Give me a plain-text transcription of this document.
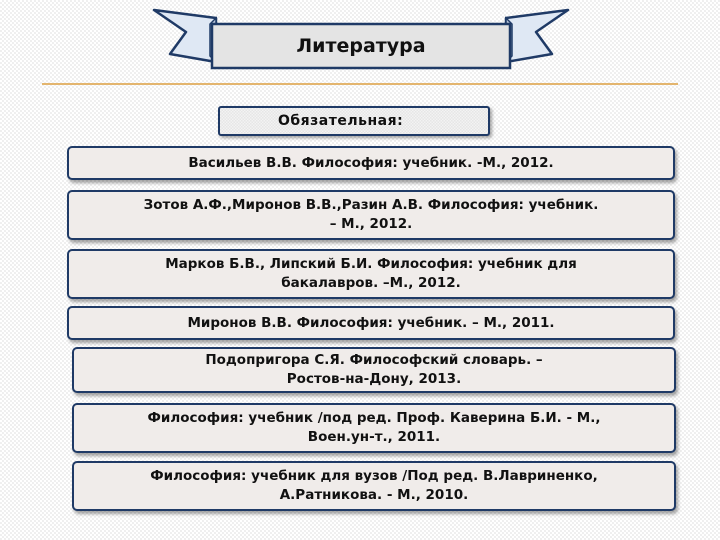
Литература
Обязательная:
Васильев В.В. Философия: учебник. -М., 2012.
Зотов А.Ф.,Миронов В.В.,Разин А.В. Философия: учебник.
– М., 2012.
Марков Б.В., Липский Б.И. Философия: учебник для
бакалавров. –М., 2012.
Миронов В.В. Философия: учебник. – М., 2011.
Подопригора С.Я. Философский словарь. –
Ростов-на-Дону, 2013.
Философия: учебник /под ред. Проф. Каверина Б.И. - М.,
Воен.ун-т., 2011.
Философия: учебник для вузов /Под ред. В.Лавриненко,
А.Ратникова. - М., 2010.
